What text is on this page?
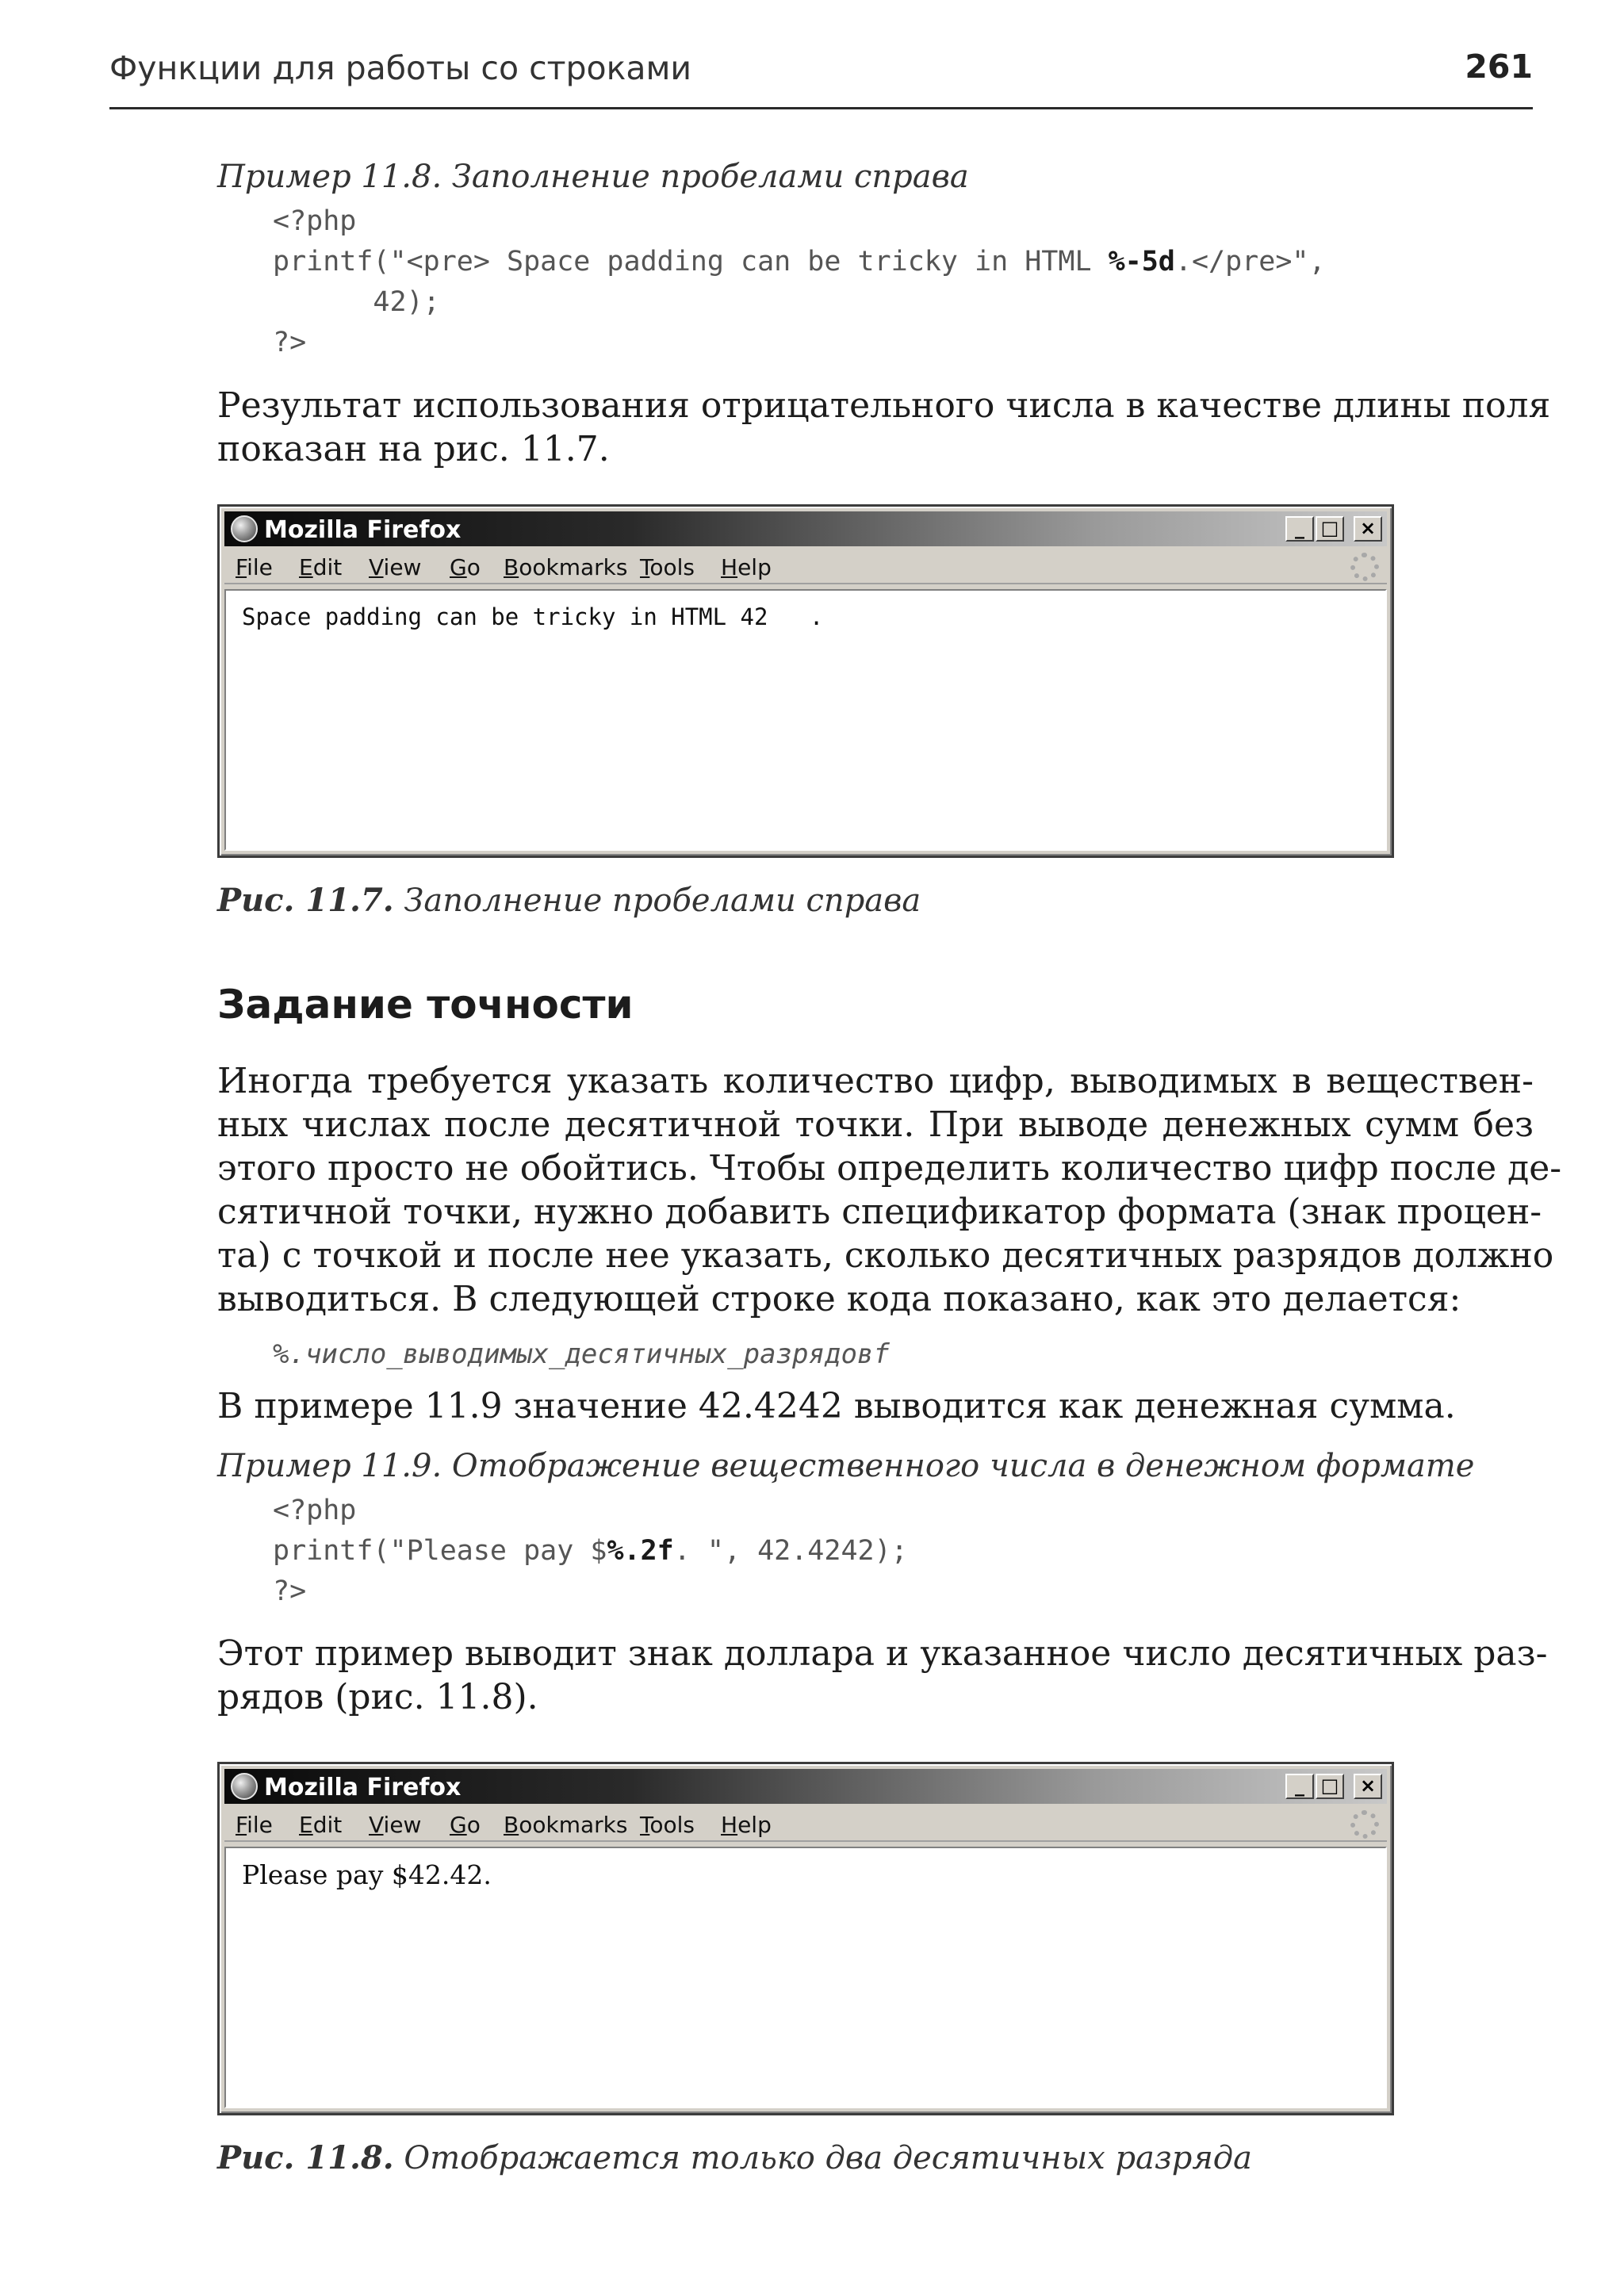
Функции для работы со строками	261
Пример 11.8. Заполнение пробелами справа
<?php
printf("<pre> Space padding can be tricky in HTML %-5d.</pre>",
42);
?>
Результат использования отрицательного числа в качестве длины поля
показан на рис. 11.7.
Mozilla Firefox	_ □	×
File Edit View Go Bookmarks Tools Help
Space padding can be tricky in HTML 42   .
Рис. 11.7. Заполнение пробелами справа
Задание точности
Иногда требуется указать количество цифр, выводимых в веществен-
ных числах после десятичной точки. При выводе денежных сумм без
этого просто не обойтись. Чтобы определить количество цифр после де-
сятичной точки, нужно добавить спецификатор формата (знак процен-
та) с точкой и после нее указать, сколько десятичных разрядов должно
выводиться. В следующей строке кода показано, как это делается:
%.число_выводимых_десятичных_разрядовf
В примере 11.9 значение 42.4242 выводится как денежная сумма.
Пример 11.9. Отображение вещественного числа в денежном формате
<?php
printf("Please pay $%.2f. ", 42.4242);
?>
Этот пример выводит знак доллара и указанное число десятичных раз-
рядов (рис. 11.8).
Mozilla Firefox	_ □	×
File Edit View Go Bookmarks Tools Help
Please pay $42.42.
Рис. 11.8. Отображается только два десятичных разряда
